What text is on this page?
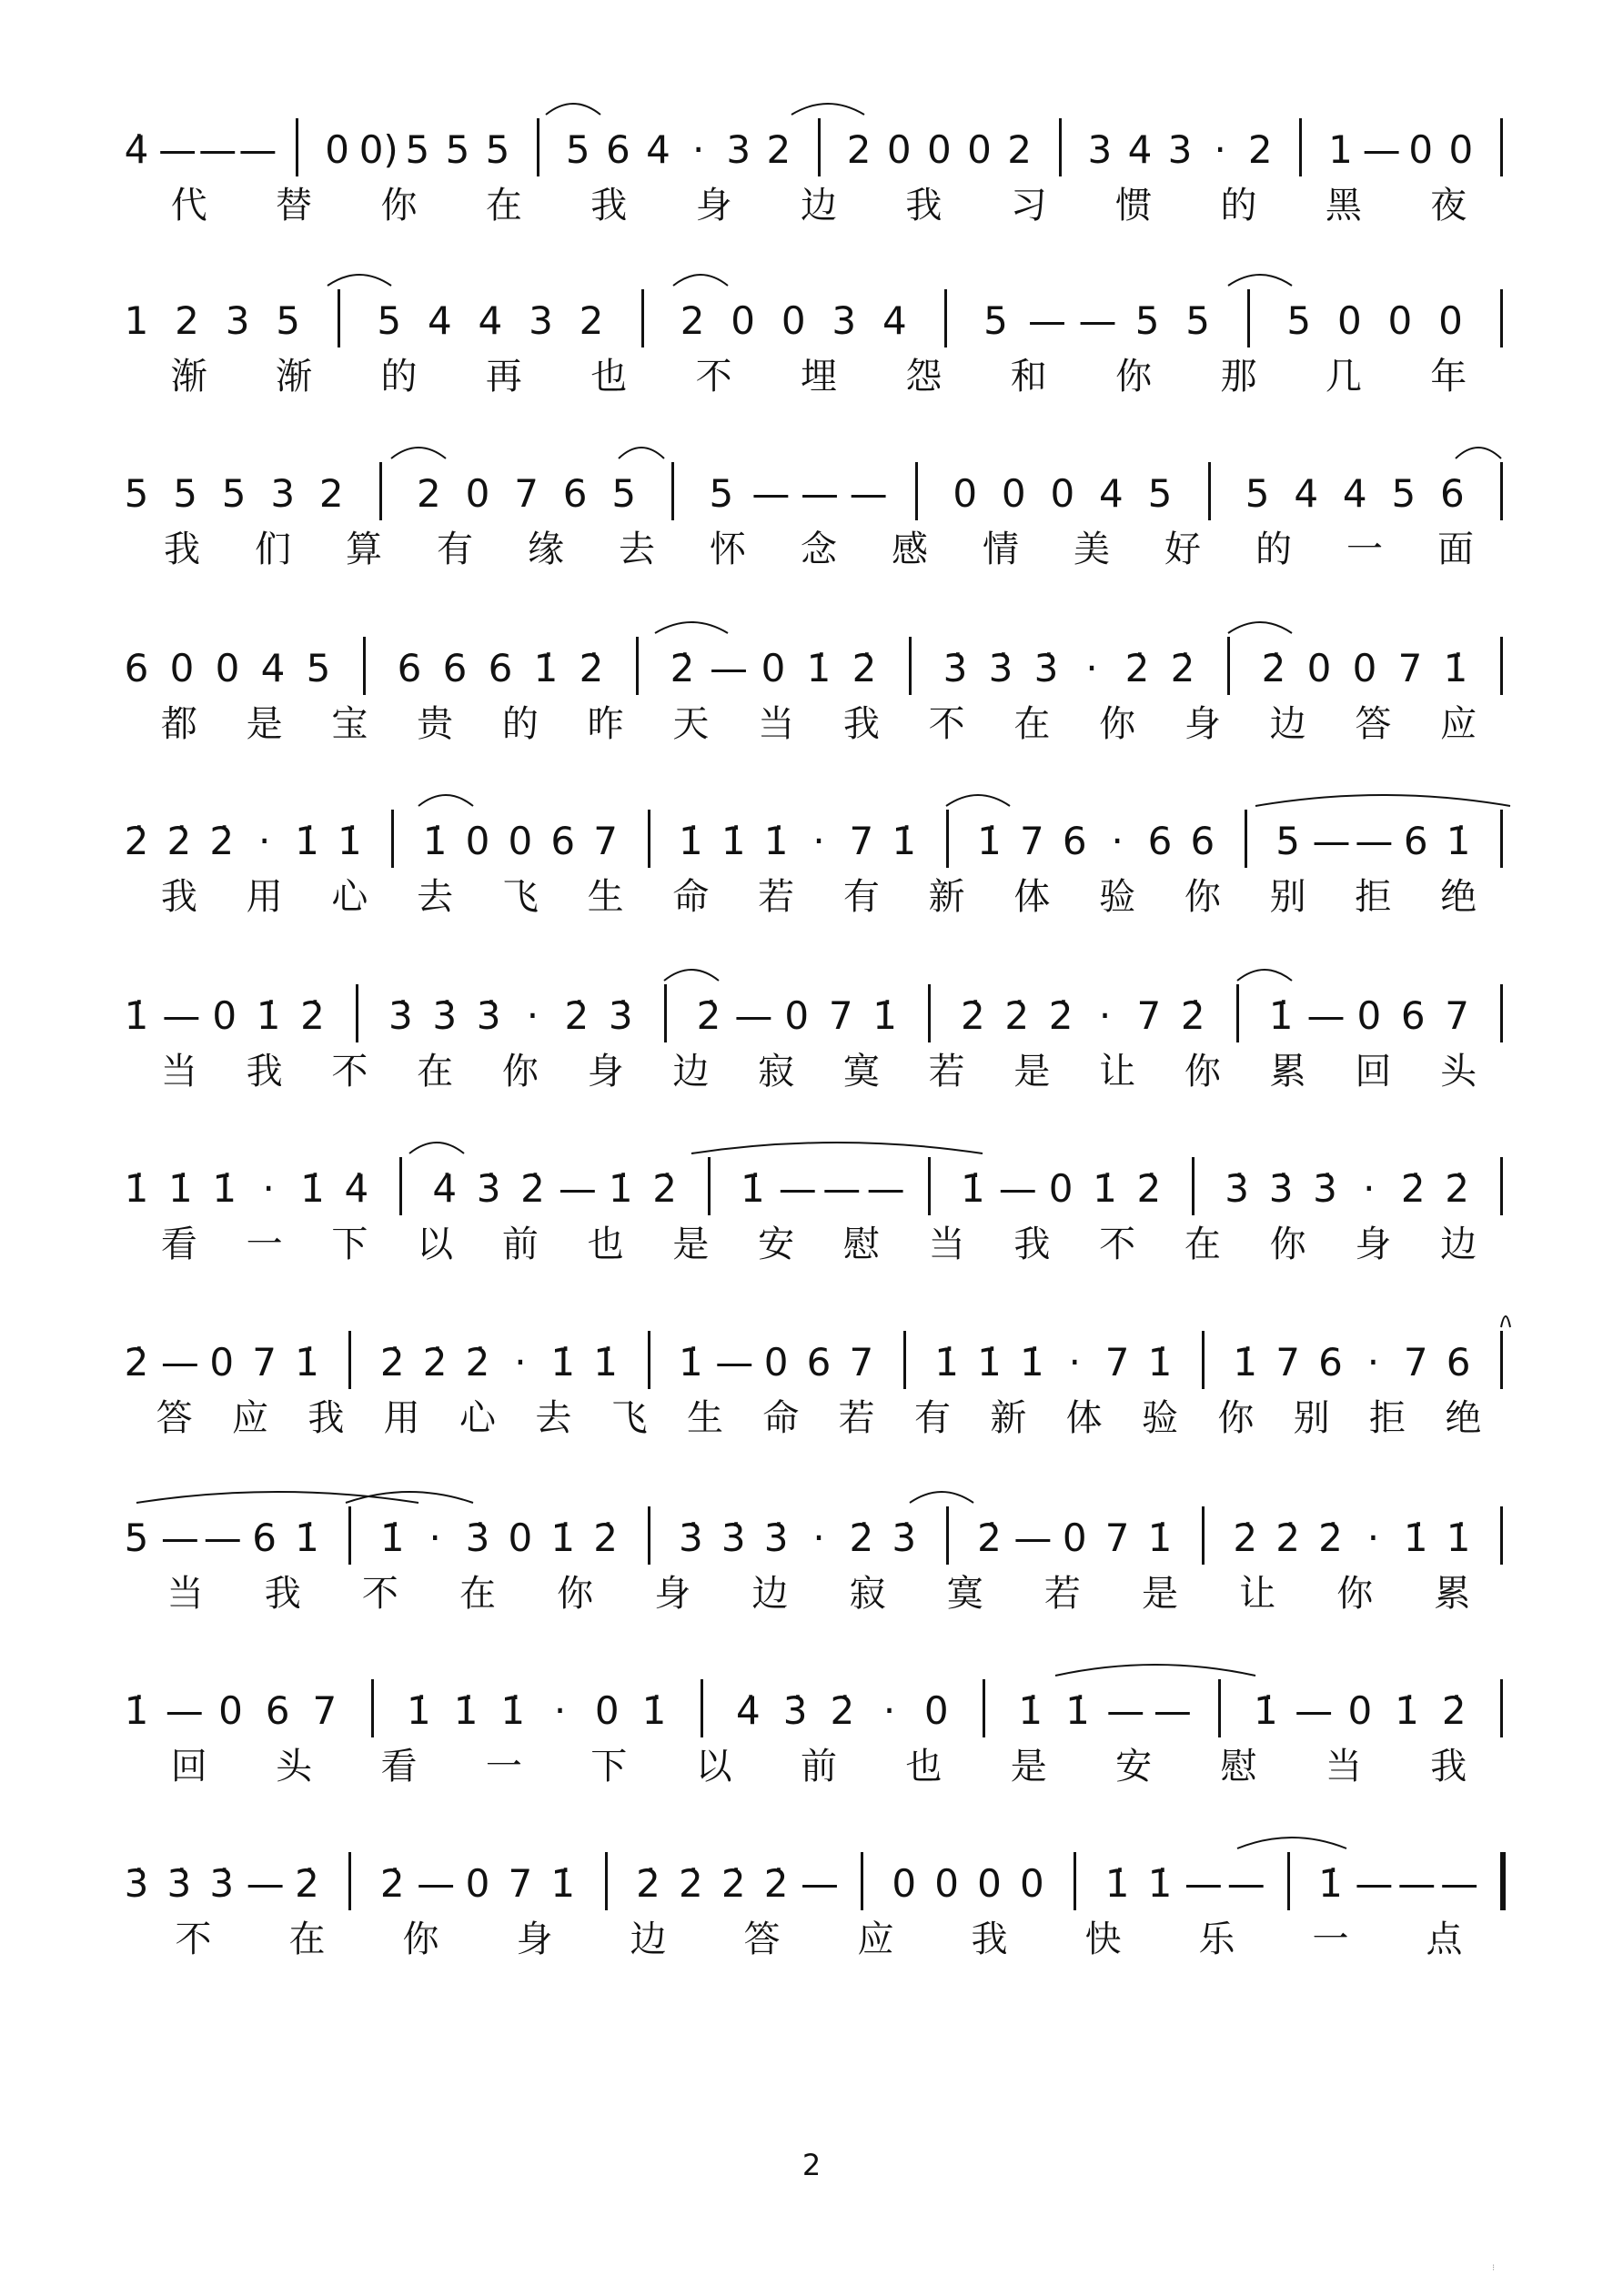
4̇ — — — 0 0) 5 5 5 5 6 4 · 3 2 2 0 0 0 2 3 4 3 · 2 1 — 0 0
代 替 你 在 我 身 边 我 习 惯 的 黑 夜
1 2 3 5 5 4 4 3 2 2 0 0 3 4 5 — — 5 5 5 0 0 0
渐 渐 的 再 也 不 埋 怨 和 你 那 几 年
5 5 5 3 2 2 0 7 6 5 5 — — — 0 0 0 4 5 5 4 4 5 6
我 们 算 有 缘 去 怀 念 感 情 美 好 的 一 面
6 0 0 4 5 6 6 6 1̇ 2̇ 2̇ — 0 1̇ 2̇ 3̇ 3̇ 3̇ · 2̇ 2̇ 2̇ 0 0 7 1̇
都 是 宝 贵 的 昨 天 当 我 不 在 你 身 边 答 应
2̇ 2̇ 2̇ · 1̇ 1̇ 1̇ 0 0 6 7 1̇ 1̇ 1̇ · 7 1̇ 1̇ 7 6 · 6 6 5 — — 6 1̇
我 用 心 去 飞 生 命 若 有 新 体 验 你 别 拒 绝
1̇ — 0 1̇ 2̇ 3̇ 3̇ 3̇ · 2̇ 3̇ 2̇ — 0 7 1̇ 2̇ 2̇ 2̇ · 7 2̇ 1̇ — 0 6 7
当 我 不 在 你 身 边 寂 寞 若 是 让 你 累 回 头
1̇ 1̇ 1̇ · 1̇ 4̇ 4̇ 3̇ 2̇ — 1̇ 2̇ 1̇ — — — 1̇ — 0 1̇ 2̇ 3̇ 3̇ 3̇ · 2̇ 2̇
看 一 下 以 前 也 是 安 慰 当 我 不 在 你 身 边
2̇ — 0 7 1̇ 2̇ 2̇ 2̇ · 1̇ 1̇ 1̇ — 0 6 7 1̇ 1̇ 1̇ · 7 1̇ 1̇ 7 6 · 7 6
答 应 我 用 心 去 飞 生 命 若 有 新 体 验 你 别 拒 绝
5 — — 6 1̇ 1̇ · 3̇ 0 1̇ 2̇ 3̇ 3̇ 3̇ · 2̇ 3̇ 2̇ — 0 7 1̇ 2̇ 2̇ 2̇ · 1̇ 1̇
当 我 不 在 你 身 边 寂 寞 若 是 让 你 累
1̇ — 0 6 7 1̇ 1̇ 1̇ · 0 1̇ 4̇ 3̇ 2̇ · 0 1̇ 1̇ — — 1̇ — 0 1̇ 2̇
回 头 看 一 下 以 前 也 是 安 慰 当 我
3̇ 3̇ 3̇ — 2̇ 2̇ — 0 7 1̇ 2̇ 2̇ 2̇ 2̇ — 0 0 0 0 1̇ 1̇ — — 1̇ — — —
不 在 你 身 边 答 应 我 快 乐 一 点
2
⁝
